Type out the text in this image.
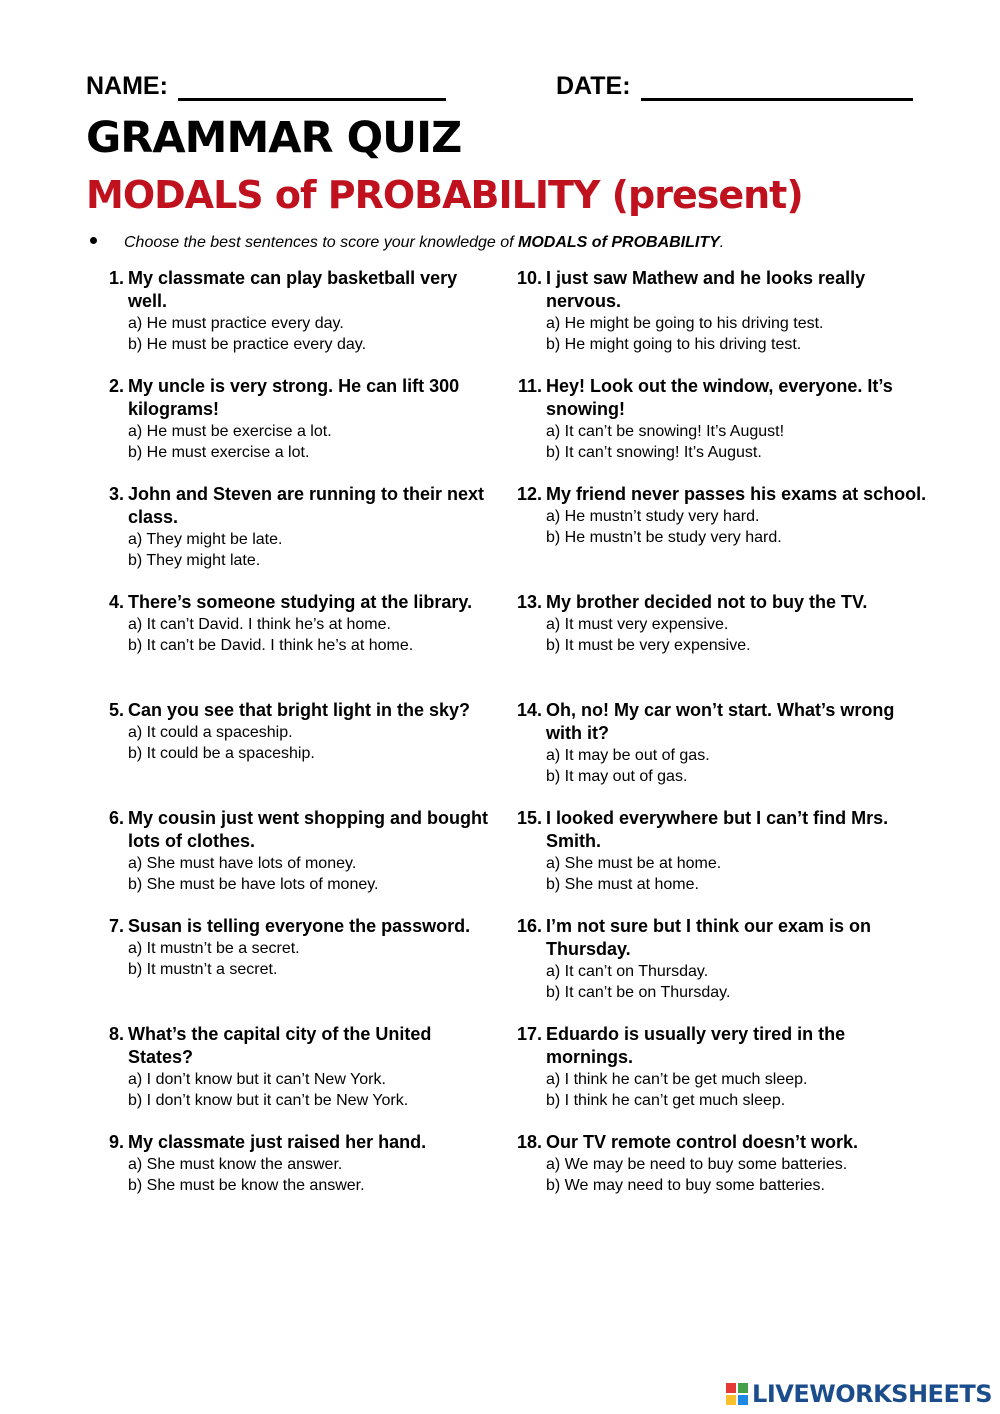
NAME:	DATE:
GRAMMAR QUIZ
MODALS of PROBABILITY (present)
Choose the best sentences to score your knowledge of MODALS of PROBABILITY.
1. My classmate can play basketball very well.
a) He must practice every day.
b) He must be practice every day.
2. My uncle is very strong. He can lift 300 kilograms!
a) He must be exercise a lot.
b) He must exercise a lot.
3. John and Steven are running to their next class.
a) They might be late.
b) They might late.
4. There’s someone studying at the library.
a) It can’t David. I think he’s at home.
b) It can’t be David. I think he’s at home.
5. Can you see that bright light in the sky?
a) It could a spaceship.
b) It could be a spaceship.
6. My cousin just went shopping and bought lots of clothes.
a) She must have lots of money.
b) She must be have lots of money.
7. Susan is telling everyone the password.
a) It mustn’t be a secret.
b) It mustn’t a secret.
8. What’s the capital city of the United States?
a) I don’t know but it can’t New York.
b) I don’t know but it can’t be New York.
9. My classmate just raised her hand.
a) She must know the answer.
b) She must be know the answer.
10. I just saw Mathew and he looks really nervous.
a) He might be going to his driving test.
b) He might going to his driving test.
11. Hey! Look out the window, everyone. It’s snowing!
a) It can’t be snowing! It’s August!
b) It can’t snowing! It’s August.
12. My friend never passes his exams at school.
a) He mustn’t study very hard.
b) He mustn’t be study very hard.
13. My brother decided not to buy the TV.
a) It must very expensive.
b) It must be very expensive.
14. Oh, no! My car won’t start. What’s wrong with it?
a) It may be out of gas.
b) It may out of gas.
15. I looked everywhere but I can’t find Mrs. Smith.
a) She must be at home.
b) She must at home.
16. I’m not sure but I think our exam is on Thursday.
a) It can’t on Thursday.
b) It can’t be on Thursday.
17. Eduardo is usually very tired in the mornings.
a) I think he can’t be get much sleep.
b) I think he can’t get much sleep.
18. Our TV remote control doesn’t work.
a) We may be need to buy some batteries.
b) We may need to buy some batteries.
LIVEWORKSHEETS
